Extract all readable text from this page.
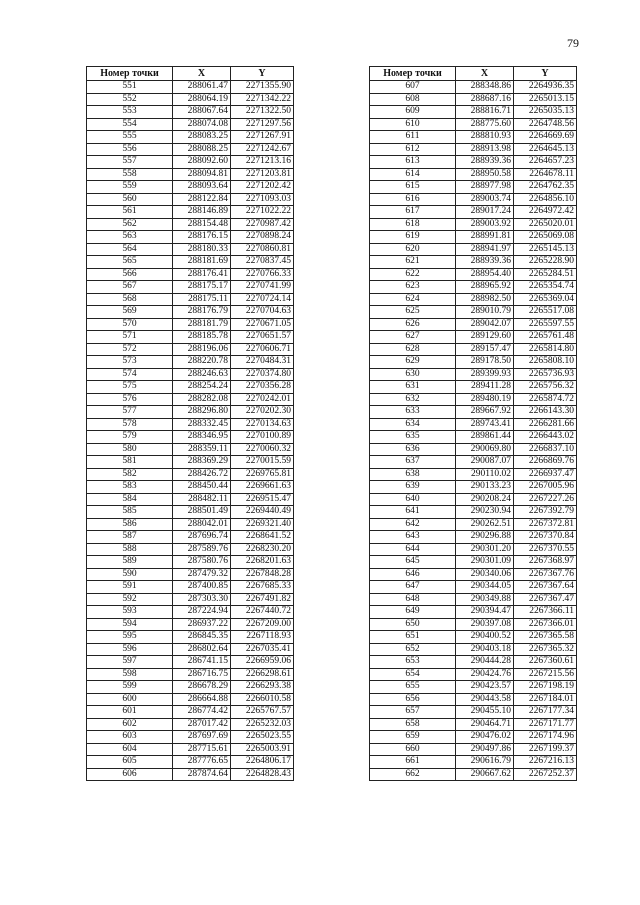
79
Номер точки	X	Y
551	288061.47	2271355.90
552	288064.19	2271342.22
553	288067.64	2271322.50
554	288074.08	2271297.56
555	288083.25	2271267.91
556	288088.25	2271242.67
557	288092.60	2271213.16
558	288094.81	2271203.81
559	288093.64	2271202.42
560	288122.84	2271093.03
561	288146.89	2271022.22
562	288154.48	2270987.42
563	288176.15	2270898.24
564	288180.33	2270860.81
565	288181.69	2270837.45
566	288176.41	2270766.33
567	288175.17	2270741.99
568	288175.11	2270724.14
569	288176.79	2270704.63
570	288181.79	2270671.05
571	288185.78	2270651.57
572	288196.06	2270606.71
573	288220.78	2270484.31
574	288246.63	2270374.80
575	288254.24	2270356.28
576	288282.08	2270242.01
577	288296.80	2270202.30
578	288332.45	2270134.63
579	288346.95	2270100.89
580	288359.11	2270060.32
581	288369.29	2270015.59
582	288426.72	2269765.81
583	288450.44	2269661.63
584	288482.11	2269515.47
585	288501.49	2269440.49
586	288042.01	2269321.40
587	287696.74	2268641.52
588	287589.76	2268230.20
589	287580.76	2268201.63
590	287479.32	2267848.28
591	287400.85	2267685.33
592	287303.30	2267491.82
593	287224.94	2267440.72
594	286937.22	2267209.00
595	286845.35	2267118.93
596	286802.64	2267035.41
597	286741.15	2266959.06
598	286716.75	2266298.61
599	286678.29	2266293.38
600	286664.88	2266010.58
601	286774.42	2265767.57
602	287017.42	2265232.03
603	287697.69	2265023.55
604	287715.61	2265003.91
605	287776.65	2264806.17
606	287874.64	2264828.43
Номер точки	X	Y
607	288348.86	2264936.35
608	288687.16	2265013.15
609	288816.71	2265035.13
610	288775.60	2264748.56
611	288810.93	2264669.69
612	288913.98	2264645.13
613	288939.36	2264657.23
614	288950.58	2264678.11
615	288977.98	2264762.35
616	289003.74	2264856.10
617	289017.24	2264972.42
618	289003.92	2265020.01
619	288991.81	2265069.08
620	288941.97	2265145.13
621	288939.36	2265228.90
622	288954.40	2265284.51
623	288965.92	2265354.74
624	288982.50	2265369.04
625	289010.79	2265517.08
626	289042.07	2265597.55
627	289129.60	2265761.48
628	289157.47	2265814.80
629	289178.50	2265808.10
630	289399.93	2265736.93
631	289411.28	2265756.32
632	289480.19	2265874.72
633	289667.92	2266143.30
634	289743.41	2266281.66
635	289861.44	2266443.02
636	290069.80	2266837.10
637	290087.07	2266869.76
638	290110.02	2266937.47
639	290133.23	2267005.96
640	290208.24	2267227.26
641	290230.94	2267392.79
642	290262.51	2267372.81
643	290296.88	2267370.84
644	290301.20	2267370.55
645	290301.09	2267368.97
646	290340.06	2267367.76
647	290344.05	2267367.64
648	290349.88	2267367.47
649	290394.47	2267366.11
650	290397.08	2267366.01
651	290400.52	2267365.58
652	290403.18	2267365.32
653	290444.28	2267360.61
654	290424.76	2267215.56
655	290423.57	2267198.19
656	290443.58	2267184.01
657	290455.10	2267177.34
658	290464.71	2267171.77
659	290476.02	2267174.96
660	290497.86	2267199.37
661	290616.79	2267216.13
662	290667.62	2267252.37
